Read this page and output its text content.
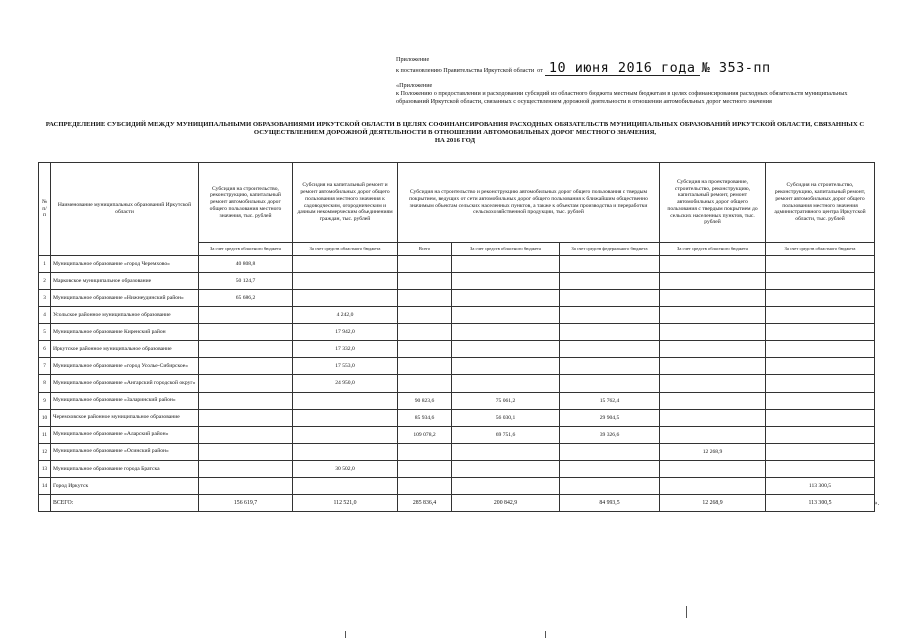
Приложение
к постановлению Правительства Иркутской области от 10 июня 2016 года № 353-пп
«Приложение
к Положению о предоставлении и расходовании субсидий из областного бюджета местным бюджетам в целях софинансирования расходных обязательств муниципальных образований Иркутской области, связанных с осуществлением дорожной деятельности в отношении автомобильных дорог местного значения
РАСПРЕДЕЛЕНИЕ СУБСИДИЙ МЕЖДУ МУНИЦИПАЛЬНЫМИ ОБРАЗОВАНИЯМИ ИРКУТСКОЙ ОБЛАСТИ В ЦЕЛЯХ СОФИНАНСИРОВАНИЯ РАСХОДНЫХ ОБЯЗАТЕЛЬСТВ МУНИЦИПАЛЬНЫХ ОБРАЗОВАНИЙ ИРКУТСКОЙ ОБЛАСТИ, СВЯЗАННЫХ С
ОСУЩЕСТВЛЕНИЕМ ДОРОЖНОЙ ДЕЯТЕЛЬНОСТИ В ОТНОШЕНИИ АВТОМОБИЛЬНЫХ ДОРОГ МЕСТНОГО ЗНАЧЕНИЯ,
НА 2016 ГОД
№ п/п	Наименование муниципальных образований Иркутской области	Субсидия на строительство, реконструкцию, капитальный ремонт автомобильных дорог общего пользования местного значения, тыс. рублей	Субсидия на капитальный ремонт и ремонт автомобильных дорог общего пользования местного значения к садоводческим, огородническим и дачным некоммерческим объединениям граждан, тыс. рублей	Субсидия на строительство и реконструкцию автомобильных дорог общего пользования с твердым покрытием, ведущих от сети автомобильных дорог общего пользования к ближайшим общественно значимым объектам сельских населенных пунктов, а также к объектам производства и переработки сельскохозяйственной продукции, тыс. рублей			Субсидия на проектирование, строительство, реконструкцию, капитальный ремонт, ремонт автомобильных дорог общего пользования с твердым покрытием до сельских населенных пунктов, тыс. рублей	Субсидия на строительство, реконструкцию, капитальный ремонт, ремонт автомобильных дорог общего пользования местного значения административного центра Иркутской области, тыс. рублей
		За счет средств областного бюджета	За счет средств областного бюджета	Всего	За счет средств областного бюджета	За счет средств федерального бюджета	За счет средств областного бюджета	За счет средств областного бюджета
1	Муниципальное образование «город Черемхово»	40 808,8						
2	Марковское муниципальное образование	50 124,7						
3	Муниципальное образование «Нижнеудинский район»	65 686,2						
4	Усольское районное муниципальное образование		4 242,0					
5	Муниципальное образование Киренский район		17 942,0					
6	Иркутское районное муниципальное образование		17 332,0					
7	Муниципальное образование «город Усолье-Сибирское»		17 553,0					
8	Муниципальное образование «Ангарский городской округ»		24 950,0					
9	Муниципальное образование «Заларинский район»			90 823,6	75 061,2	15 762,4		
10	Черемховское районное муниципальное образование			85 934,6	56 030,1	29 904,5		
11	Муниципальное образование «Аларский район»			109 078,2	69 751,6	39 326,6		
12	Муниципальное образование «Осинский район»						12 268,9	
13	Муниципальное образование города Братска		30 502,0					
14	Город Иркутск							113 300,5
	ВСЕГО:	156 619,7	112 521,0	285 836,4	200 842,9	84 993,5	12 268,9	113 300,5	».
